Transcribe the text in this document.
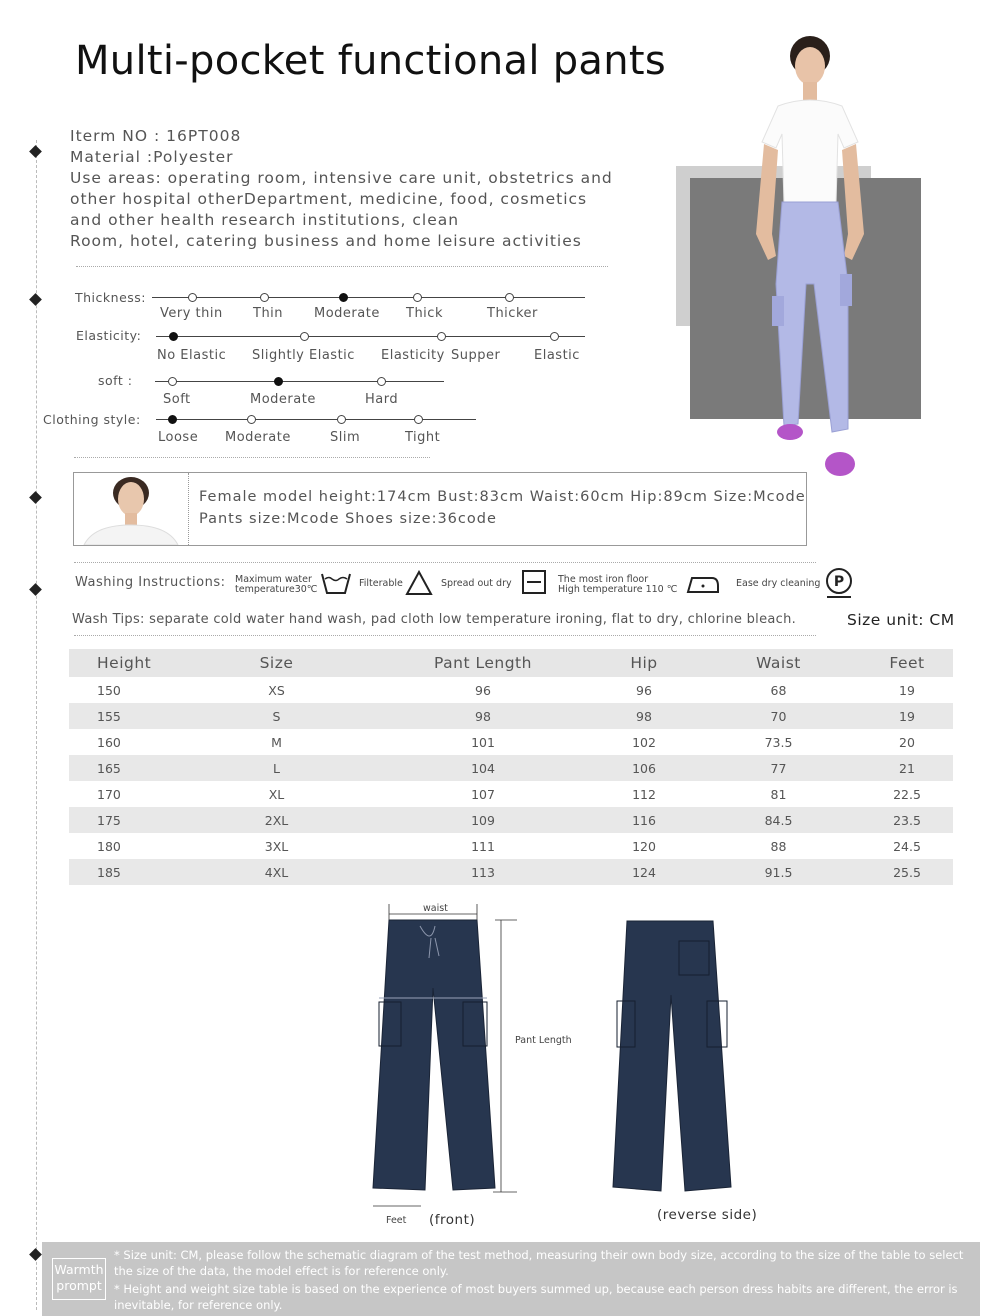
Multi-pocket functional pants
Iterm NO : 16PT008
Material :Polyester
Use areas: operating room, intensive care unit, obstetrics and
other hospital otherDepartment, medicine, food, cosmetics
and other health research institutions, clean
Room, hotel, catering business and home leisure activities
Thickness:
Very thin Thin Moderate Thick	Thicker
Elasticity:
No Elastic Slightly Elastic Elasticity Supper	Elastic
soft :
Soft	Moderate	Hard
Clothing style:
Loose Moderate	Slim	Tight
Female model height:174cm Bust:83cm Waist:60cm Hip:89cm Size:Mcode
Pants size:Mcode Shoes size:36code
Washing Instructions: Maximum water
temperature30℃
Filterable	Spread out dry	The most iron floor
High temperature 110 ℃
Ease dry cleaning P
Wash Tips: separate cold water hand wash, pad cloth low temperature ironing, flat to dry, chlorine bleach.	Size unit: CM
Height	Size	Pant Length	Hip	Waist	Feet
150	XS	96	96	68	19
155	S	98	98	70	19
160	M	101	102	73.5	20
165	L	104	106	77	21
170	XL	107	112	81	22.5
175	2XL	109	116	84.5	23.5
180	3XL	111	120	88	24.5
185	4XL	113	124	91.5	25.5
waist
Pant Length
Feet (front)	(reverse side)
Warmth
prompt
* Size unit: CM, please follow the schematic diagram of the test method, measuring their own body size, according to the size of the table to select the size of the data, the model effect is for reference only.
* Height and weight size table is based on the experience of most buyers summed up, because each person dress habits are different, the error is inevitable, for reference only.
